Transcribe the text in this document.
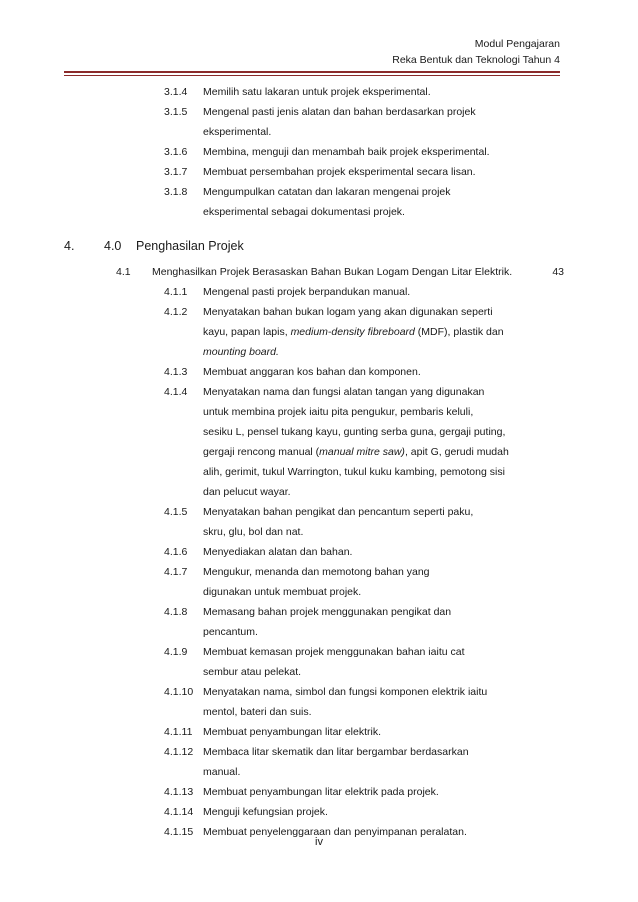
Modul Pengajaran
Reka Bentuk dan Teknologi Tahun 4
3.1.4 Memilih satu lakaran untuk projek eksperimental.
3.1.5 Mengenal pasti jenis alatan dan bahan berdasarkan projek
eksperimental.
3.1.6 Membina, menguji dan menambah baik projek eksperimental.
3.1.7 Membuat persembahan projek eksperimental secara lisan.
3.1.8 Mengumpulkan catatan dan lakaran mengenai projek
eksperimental sebagai dokumentasi projek.
4. 4.0 Penghasilan Projek
4.1 Menghasilkan Projek Berasaskan Bahan Bukan Logam Dengan Litar Elektrik.	43
4.1.1 Mengenal pasti projek berpandukan manual.
4.1.2 Menyatakan bahan bukan logam yang akan digunakan seperti
kayu, papan lapis, medium-density fibreboard (MDF), plastik dan
mounting board.
4.1.3 Membuat anggaran kos bahan dan komponen.
4.1.4 Menyatakan nama dan fungsi alatan tangan yang digunakan
untuk membina projek iaitu pita pengukur, pembaris keluli,
sesiku L, pensel tukang kayu, gunting serba guna, gergaji puting,
gergaji rencong manual (manual mitre saw), apit G, gerudi mudah
alih, gerimit, tukul Warrington, tukul kuku kambing, pemotong sisi
dan pelucut wayar.
4.1.5 Menyatakan bahan pengikat dan pencantum seperti paku,
skru, glu, bol dan nat.
4.1.6 Menyediakan alatan dan bahan.
4.1.7 Mengukur, menanda dan memotong bahan yang
digunakan untuk membuat projek.
4.1.8 Memasang bahan projek menggunakan pengikat dan
pencantum.
4.1.9 Membuat kemasan projek menggunakan bahan iaitu cat
sembur atau pelekat.
4.1.10 Menyatakan nama, simbol dan fungsi komponen elektrik iaitu
mentol, bateri dan suis.
4.1.11 Membuat penyambungan litar elektrik.
4.1.12 Membaca litar skematik dan litar bergambar berdasarkan
manual.
4.1.13 Membuat penyambungan litar elektrik pada projek.
4.1.14 Menguji kefungsian projek.
4.1.15 Membuat penyelenggaraan dan penyimpanan peralatan.
iv
